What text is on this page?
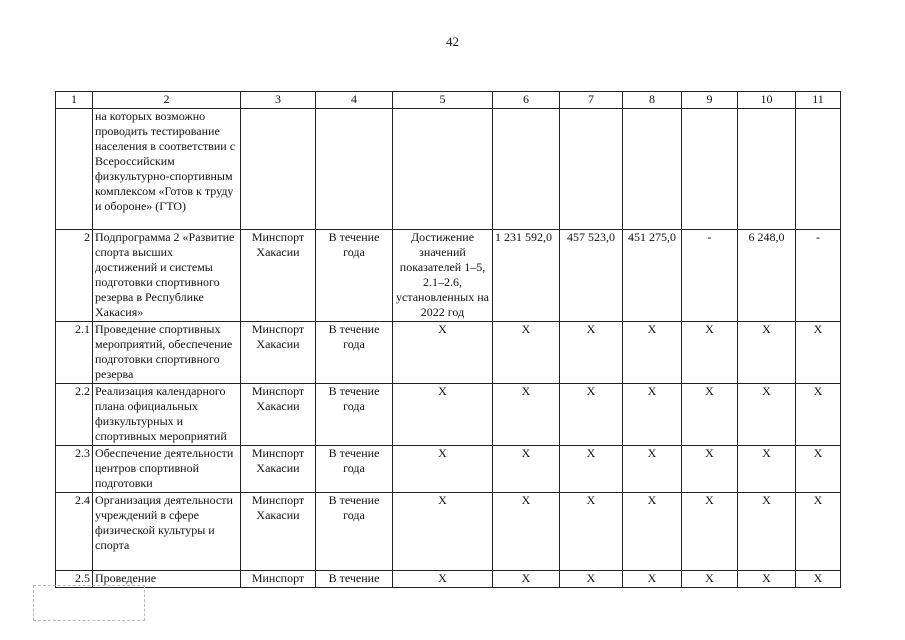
42
1	2	3	4	5	6	7	8	9	10	11
	на которых возможно проводить тестирование населения в соответствии с Всероссийским физкультурно-спортивным комплексом «Готов к труду и обороне» (ГТО)									
2	Подпрограмма 2 «Развитие спорта высших достижений и системы подготовки спортивного резерва в Республике Хакасия»	Минспорт Хакасии	В течение года	Достижение значений показателей 1–5, 2.1–2.6, установленных на 2022 год	1 231 592,0	457 523,0	451 275,0	-	6 248,0	-
2.1	Проведение спортивных мероприятий, обеспечение подготовки спортивного резерва	Минспорт Хакасии	В течение года	Х	Х	Х	Х	Х	Х	Х
2.2	Реализация календарного плана официальных физкультурных и спортивных мероприятий	Минспорт Хакасии	В течение года	Х	Х	Х	Х	Х	Х	Х
2.3	Обеспечение деятельности центров спортивной подготовки	Минспорт Хакасии	В течение года	Х	Х	Х	Х	Х	Х	Х
2.4	Организация деятельности учреждений в сфере физической культуры и спорта	Минспорт Хакасии	В течение года	Х	Х	Х	Х	Х	Х	Х
2.5	Проведение	Минспорт	В течение	Х	Х	Х	Х	Х	Х	Х
